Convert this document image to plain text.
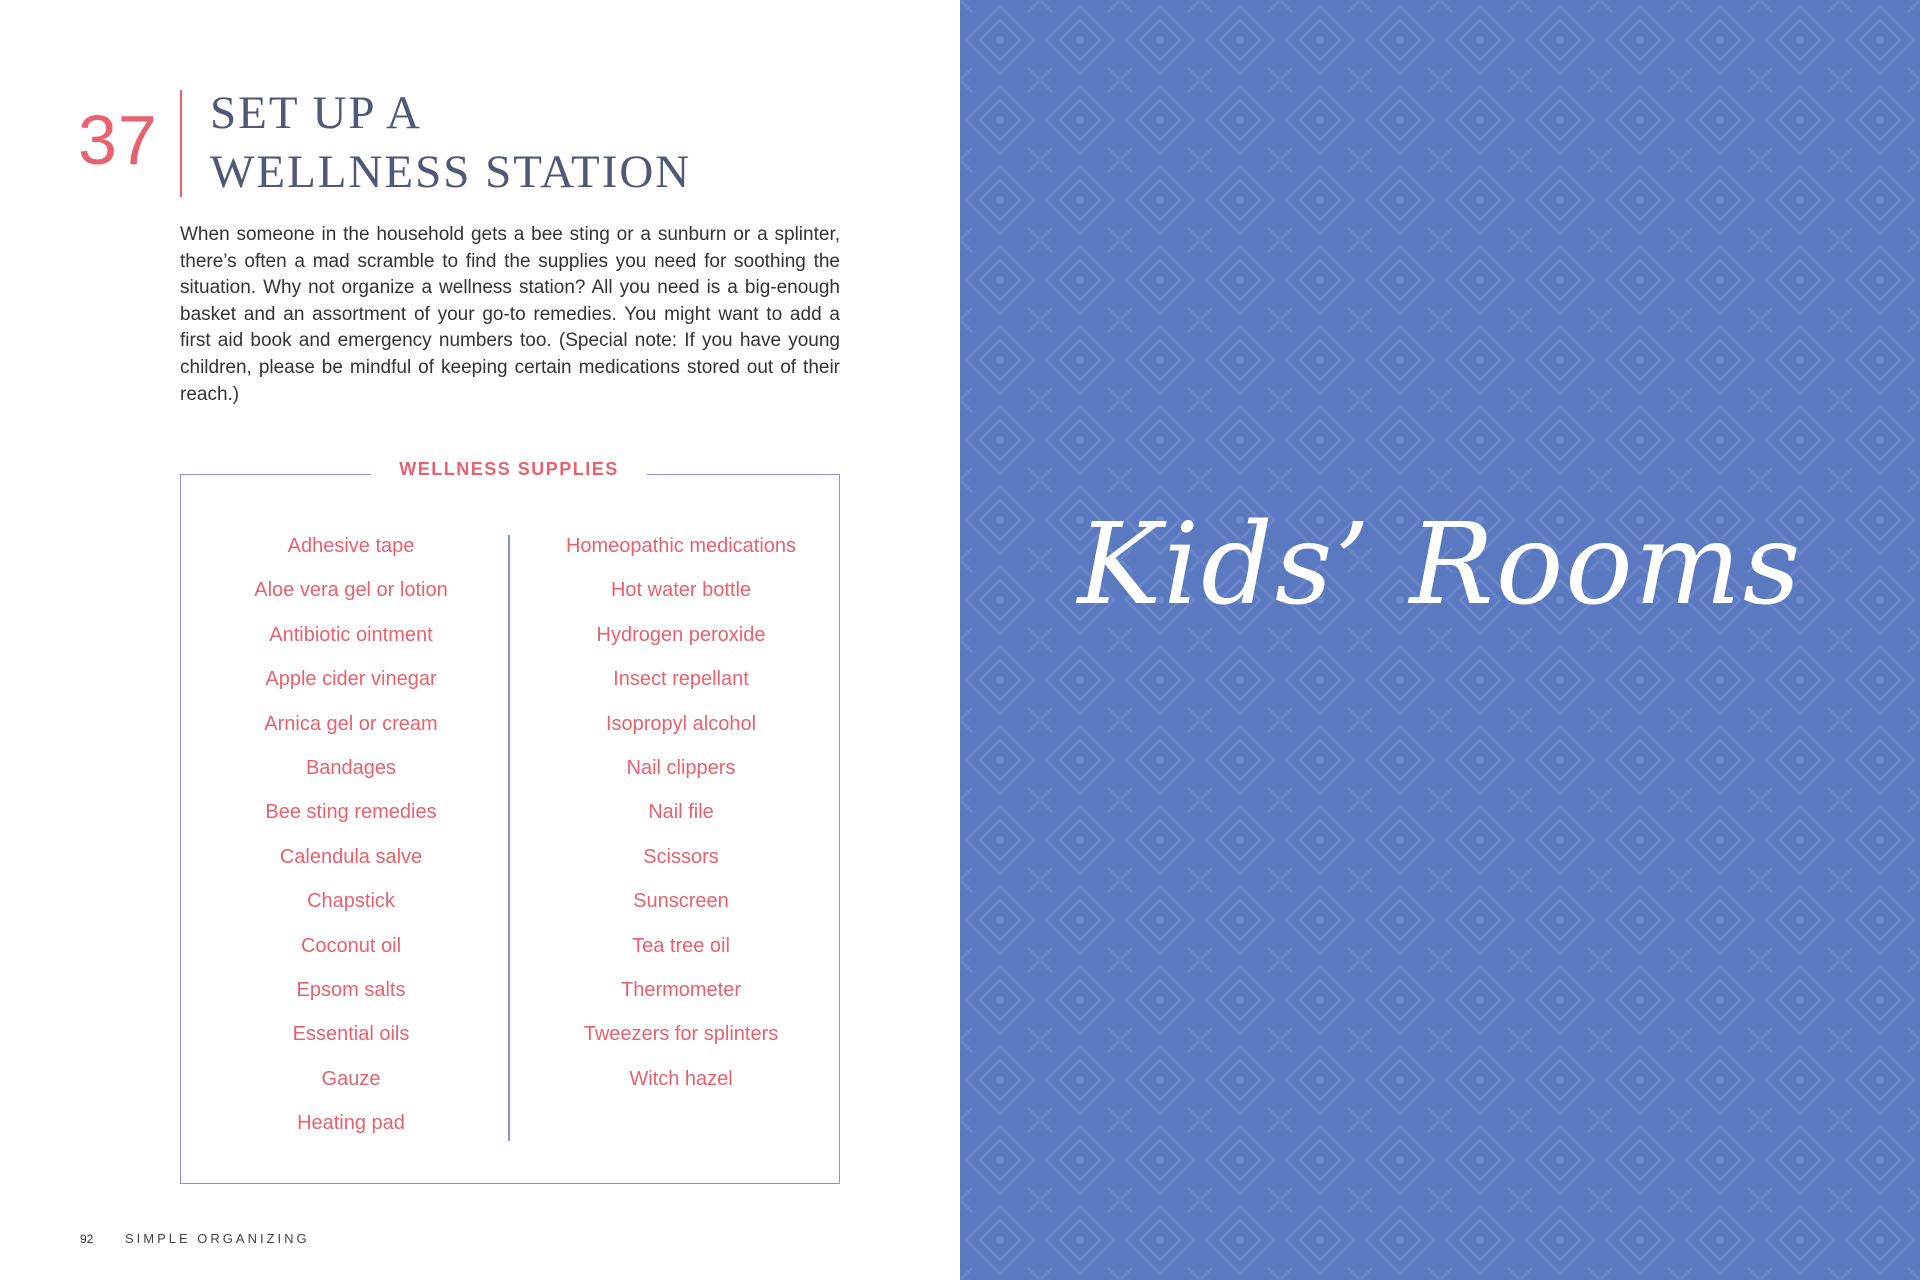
37 SET UP A
WELLNESS STATION

When someone in the household gets a bee sting or a sunburn or a splinter, there’s often a mad scramble to find the supplies you need for soothing the situation. Why not organize a wellness station? All you need is a big-enough basket and an assortment of your go-to remedies. You might want to add a first aid book and emergency numbers too. (Special note: If you have young children, please be mindful of keeping certain medications stored out of their reach.)

WELLNESS SUPPLIES
Adhesive tape
Aloe vera gel or lotion
Antibiotic ointment
Apple cider vinegar
Arnica gel or cream
Bandages
Bee sting remedies
Calendula salve
Chapstick
Coconut oil
Epsom salts
Essential oils
Gauze
Heating pad
Homeopathic medications
Hot water bottle
Hydrogen peroxide
Insect repellant
Isopropyl alcohol
Nail clippers
Nail file
Scissors
Sunscreen
Tea tree oil
Thermometer
Tweezers for splinters
Witch hazel
92 SIMPLE ORGANIZING
Kids’ Rooms
